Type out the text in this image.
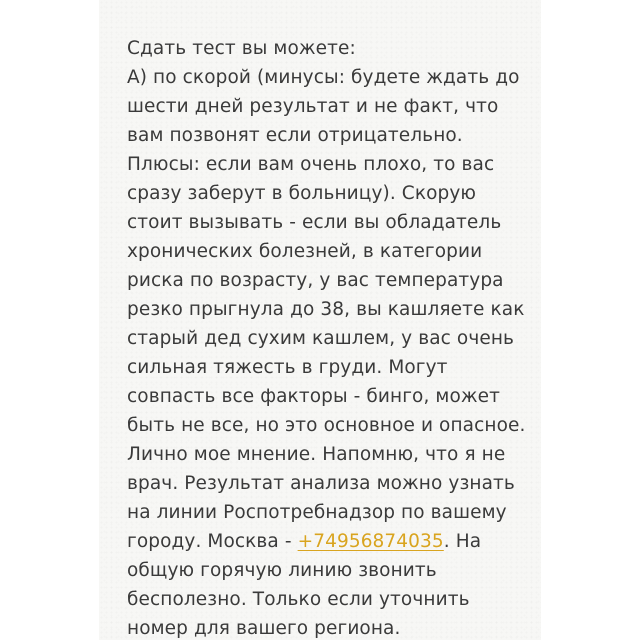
Сдать тест вы можете:
А) по скорой (минусы: будете ждать до
шести дней результат и не факт, что
вам позвонят если отрицательно.
Плюсы: если вам очень плохо, то вас
сразу заберут в больницу). Скорую
стоит вызывать - если вы обладатель
хронических болезней, в категории
риска по возрасту, у вас температура
резко прыгнула до 38, вы кашляете как
старый дед сухим кашлем, у вас очень
сильная тяжесть в груди. Могут
совпасть все факторы - бинго, может
быть не все, но это основное и опасное.
Лично мое мнение. Напомню, что я не
врач. Результат анализа можно узнать
на линии Роспотребнадзор по вашему
городу. Москва - +74956874035. На
общую горячую линию звонить
бесполезно. Только если уточнить
номер для вашего региона.
